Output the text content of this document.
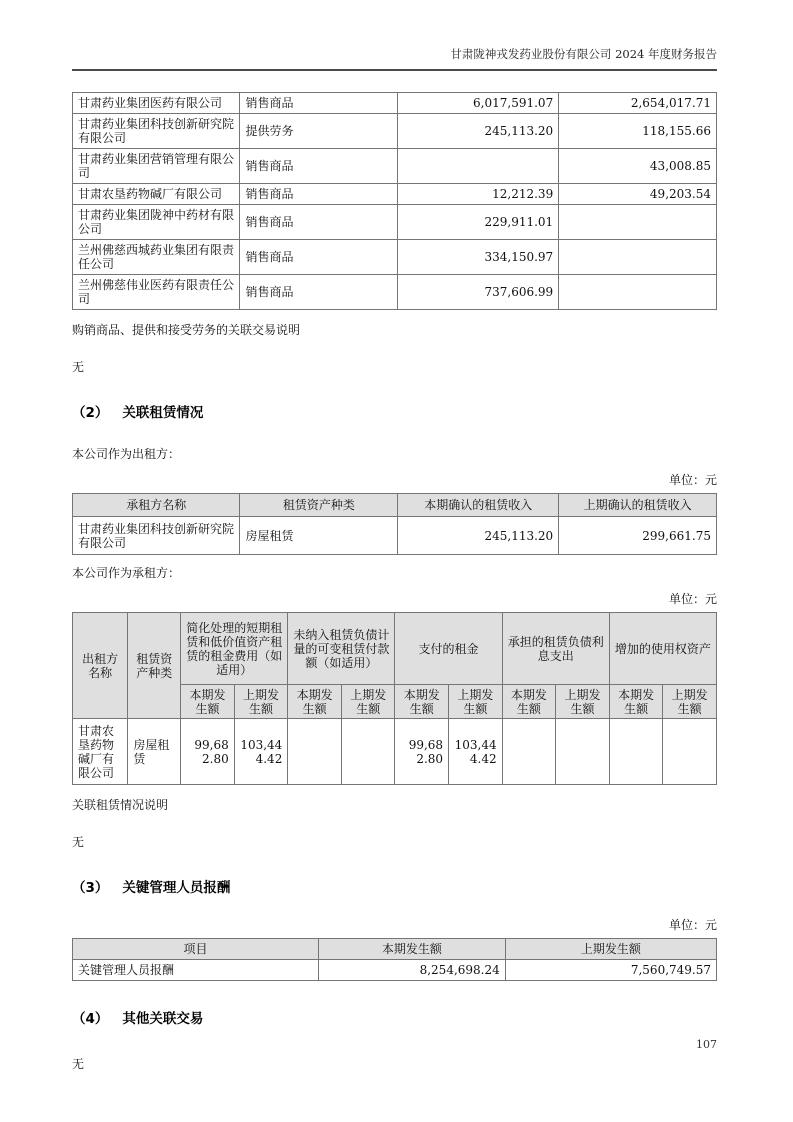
甘肃陇神戎发药业股份有限公司 2024 年度财务报告
甘肃药业集团医药有限公司	销售商品	6,017,591.07	2,654,017.71
甘肃药业集团科技创新研究院有限公司	提供劳务	245,113.20	118,155.66
甘肃药业集团营销管理有限公司	销售商品		43,008.85
甘肃农垦药物碱厂有限公司	销售商品	12,212.39	49,203.54
甘肃药业集团陇神中药材有限公司	销售商品	229,911.01	
兰州佛慈西城药业集团有限责任公司	销售商品	334,150.97	
兰州佛慈伟业医药有限责任公司	销售商品	737,606.99	

购销商品、提供和接受劳务的关联交易说明

无

（2） 关联租赁情况

本公司作为出租方：

单位：元

承租方名称	租赁资产种类	本期确认的租赁收入	上期确认的租赁收入
甘肃药业集团科技创新研究院有限公司	房屋租赁	245,113.20	299,661.75

本公司作为承租方：

单位：元

出租方名称	租赁资产种类	简化处理的短期租赁和低价值资产租赁的租金费用（如适用）		未纳入租赁负债计量的可变租赁付款额（如适用）		支付的租金		承担的租赁负债利息支出		增加的使用权资产	
		本期发生额	上期发生额	本期发生额	上期发生额	本期发生额	上期发生额	本期发生额	上期发生额	本期发生额	上期发生额
甘肃农垦药物碱厂有限公司	房屋租赁	99,682.80	103,444.42			99,682.80	103,444.42				

关联租赁情况说明

无

（3） 关键管理人员报酬

单位：元

项目	本期发生额	上期发生额
关键管理人员报酬	8,254,698.24	7,560,749.57
（4） 其他关联交易

无

107
